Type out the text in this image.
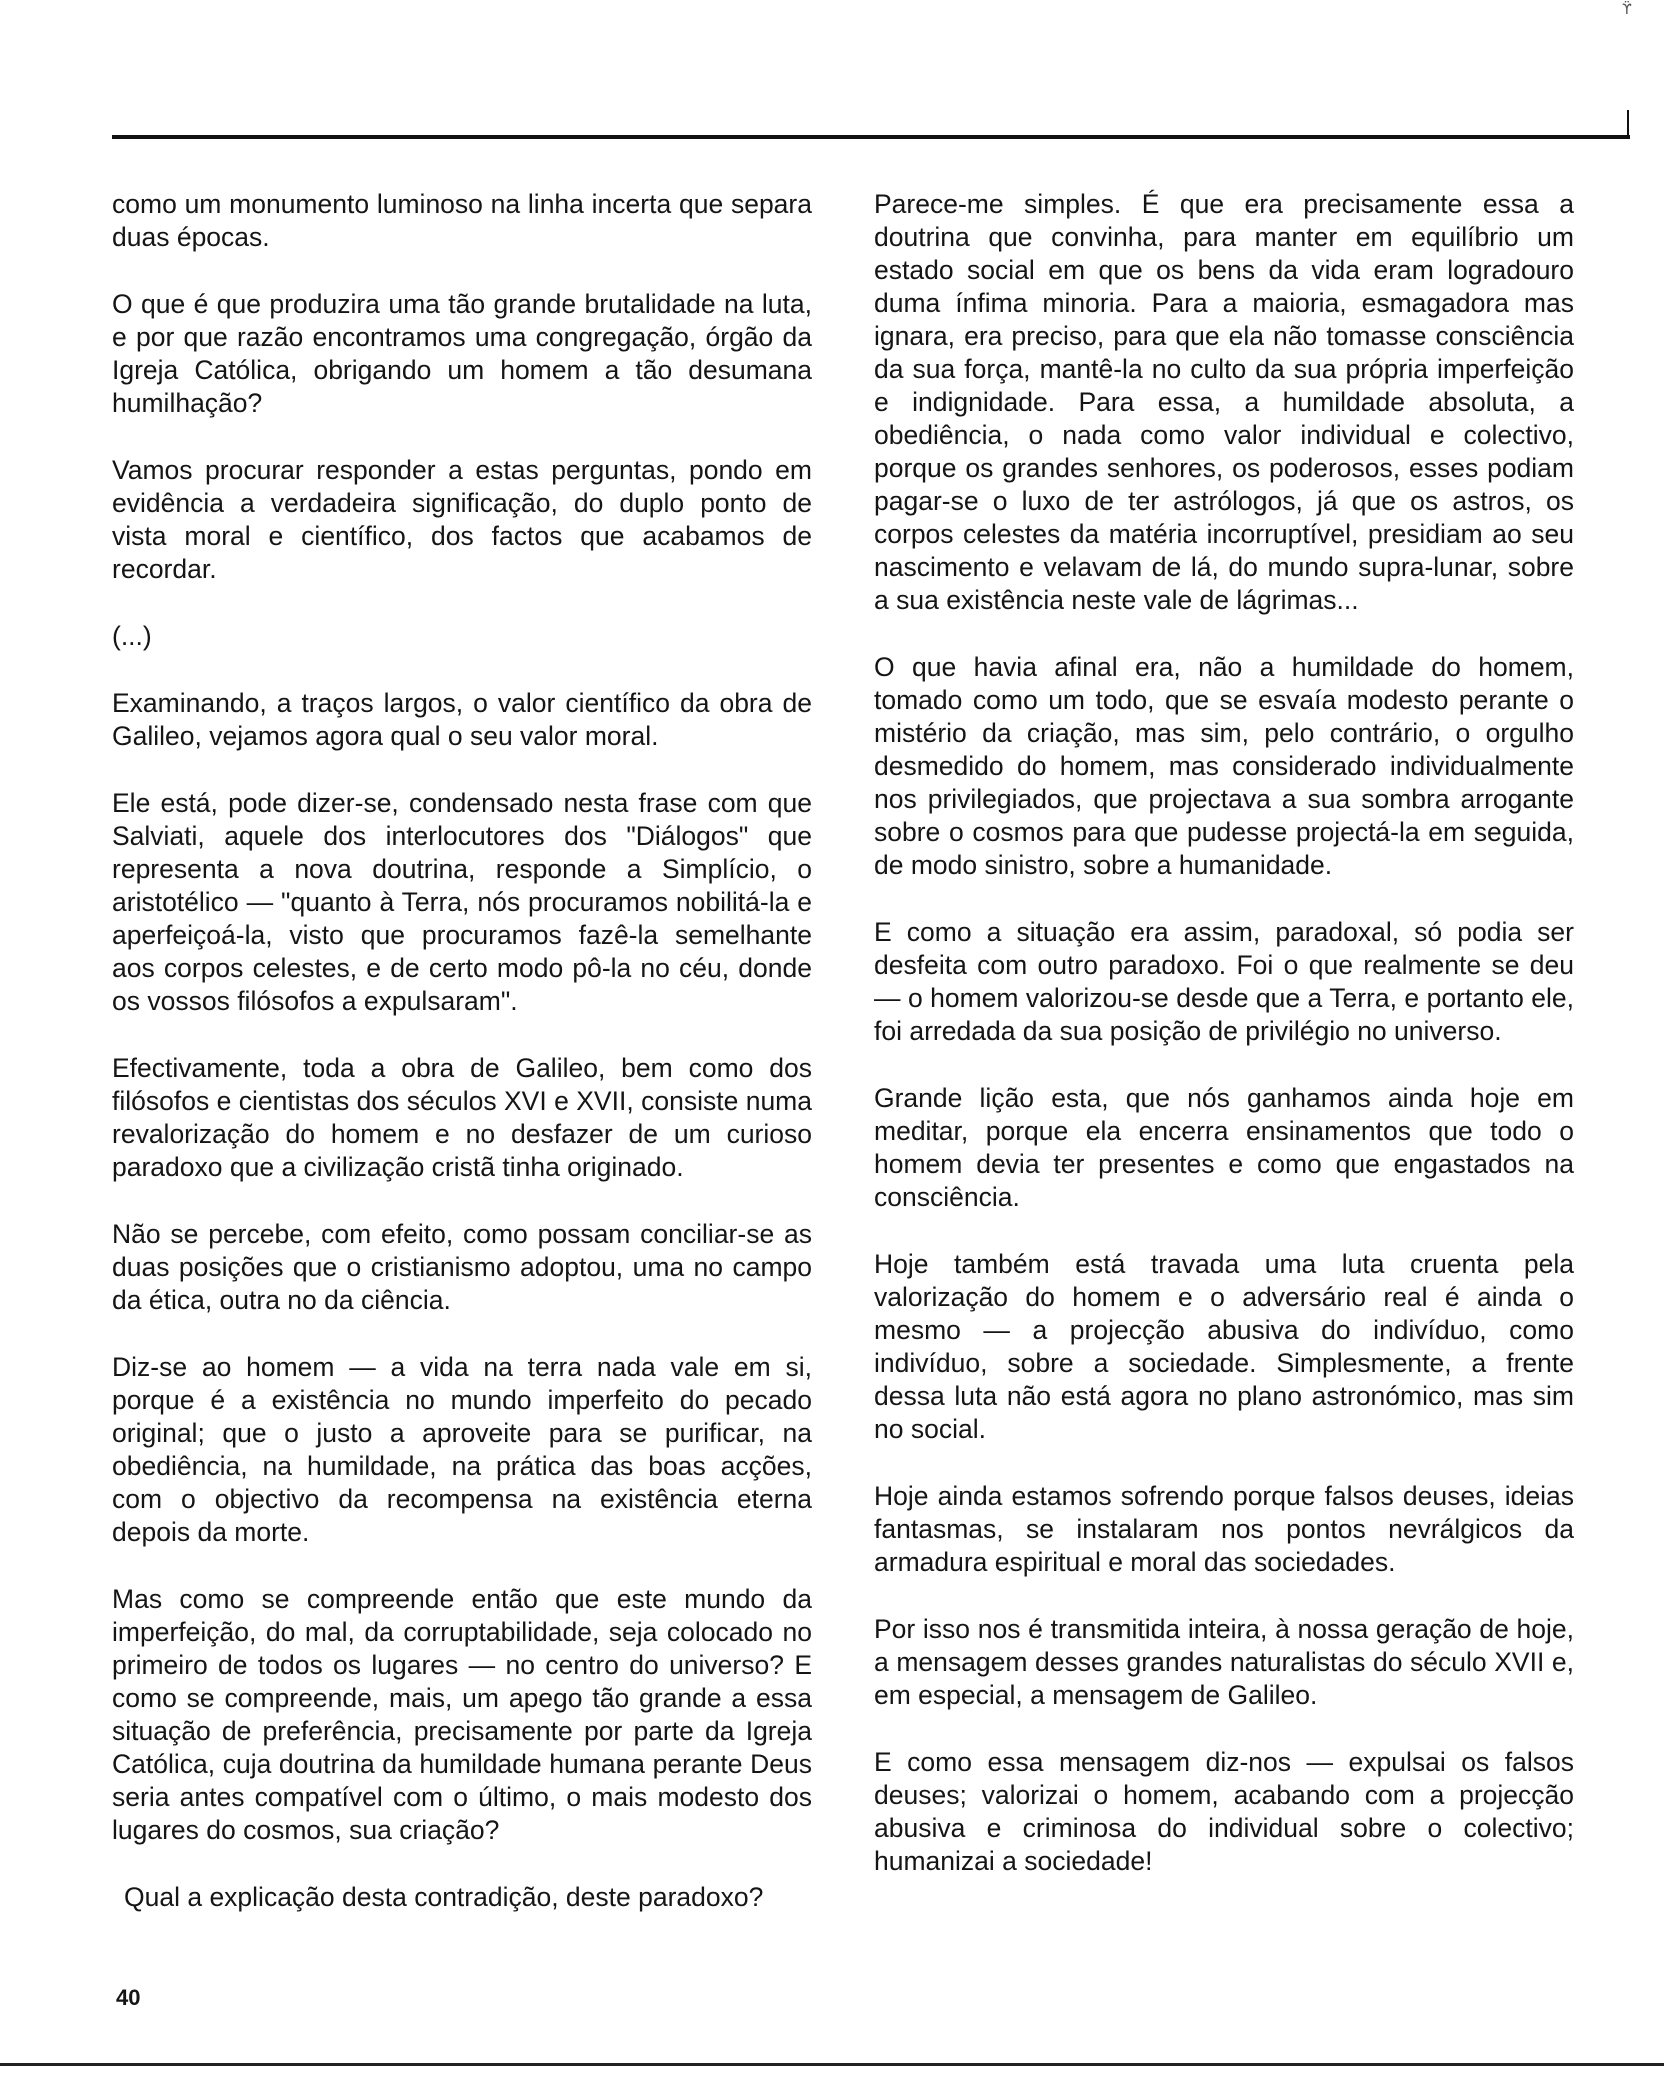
ϔ

como um monumento luminoso na linha incerta que separa duas épocas.

O que é que produzira uma tão grande brutalidade na luta, e por que razão encontramos uma congregação, órgão da Igreja Católica, obrigando um homem a tão desumana humilhação?

Vamos procurar responder a estas perguntas, pondo em evidência a verdadeira significação, do duplo ponto de vista moral e científico, dos factos que acabamos de recordar.

(...)

Examinando, a traços largos, o valor científico da obra de Galileo, vejamos agora qual o seu valor moral.

Ele está, pode dizer-se, condensado nesta frase com que Salviati, aquele dos interlocutores dos "Diálogos" que representa a nova doutrina, responde a Simplício, o aristotélico — "quanto à Terra, nós procuramos nobilitá-la e aperfeiçoá-la, visto que procuramos fazê-la semelhante aos corpos celestes, e de certo modo pô-la no céu, donde os vossos filósofos a expulsaram".

Efectivamente, toda a obra de Galileo, bem como dos filósofos e cientistas dos séculos XVI e XVII, consiste numa revalorização do homem e no desfazer de um curioso paradoxo que a civilização cristã tinha originado.

Não se percebe, com efeito, como possam conciliar-se as duas posições que o cristianismo adoptou, uma no campo da ética, outra no da ciência.

Diz-se ao homem — a vida na terra nada vale em si, porque é a existência no mundo imperfeito do pecado original; que o justo a aproveite para se purificar, na obediência, na humildade, na prática das boas acções, com o objectivo da recompensa na existência eterna depois da morte.

Mas como se compreende então que este mundo da imperfeição, do mal, da corruptabilidade, seja colocado no primeiro de todos os lugares — no centro do universo? E como se compreende, mais, um apego tão grande a essa situação de preferência, precisamente por parte da Igreja Católica, cuja doutrina da humildade humana perante Deus seria antes compatível com o último, o mais modesto dos lugares do cosmos, sua criação?

Qual a explicação desta contradição, deste paradoxo?

Parece-me simples. É que era precisamente essa a doutrina que convinha, para manter em equilíbrio um estado social em que os bens da vida eram logradouro duma ínfima minoria. Para a maioria, esmagadora mas ignara, era preciso, para que ela não tomasse consciência da sua força, mantê-la no culto da sua própria imperfeição e indignidade. Para essa, a humildade absoluta, a obediência, o nada como valor individual e colectivo, porque os grandes senhores, os poderosos, esses podiam pagar-se o luxo de ter astrólogos, já que os astros, os corpos celestes da matéria incorruptível, presidiam ao seu nascimento e velavam de lá, do mundo supra-lunar, sobre a sua existência neste vale de lágrimas...

O que havia afinal era, não a humildade do homem, tomado como um todo, que se esvaía modesto perante o mistério da criação, mas sim, pelo contrário, o orgulho desmedido do homem, mas considerado individualmente nos privilegiados, que projectava a sua sombra arrogante sobre o cosmos para que pudesse projectá-la em seguida, de modo sinistro, sobre a humanidade.

E como a situação era assim, paradoxal, só podia ser desfeita com outro paradoxo. Foi o que realmente se deu — o homem valorizou-se desde que a Terra, e portanto ele, foi arredada da sua posição de privilégio no universo.

Grande lição esta, que nós ganhamos ainda hoje em meditar, porque ela encerra ensinamentos que todo o homem devia ter presentes e como que engastados na consciência.

Hoje também está travada uma luta cruenta pela valorização do homem e o adversário real é ainda o mesmo — a projecção abusiva do indivíduo, como indivíduo, sobre a sociedade. Simplesmente, a frente dessa luta não está agora no plano astronómico, mas sim no social.

Hoje ainda estamos sofrendo porque falsos deuses, ideias fantasmas, se instalaram nos pontos nevrálgicos da armadura espiritual e moral das sociedades.

Por isso nos é transmitida inteira, à nossa geração de hoje, a mensagem desses grandes naturalistas do século XVII e, em especial, a mensagem de Galileo.

E como essa mensagem diz-nos — expulsai os falsos deuses; valorizai o homem, acabando com a projecção abusiva e criminosa do individual sobre o colectivo; humanizai a sociedade!

40
